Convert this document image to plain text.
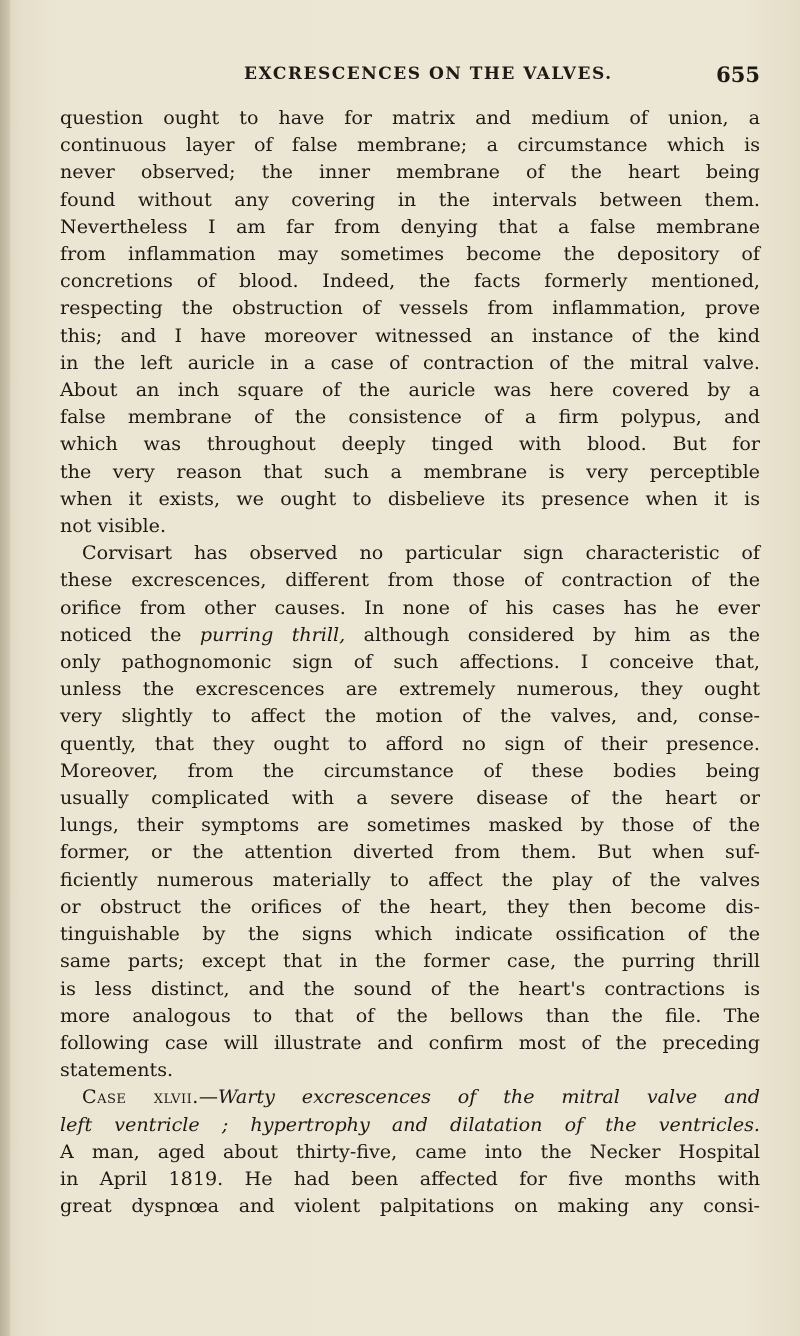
EXCRESCENCES ON THE VALVES.	655
question ought to have for matrix and medium of union, a
continuous layer of false membrane; a circumstance which is
never observed; the inner membrane of the heart being
found without any covering in the intervals between them.
Nevertheless I am far from denying that a false membrane
from inflammation may sometimes become the depository of
concretions of blood. Indeed, the facts formerly mentioned,
respecting the obstruction of vessels from inflammation, prove
this; and I have moreover witnessed an instance of the kind
in the left auricle in a case of contraction of the mitral valve.
About an inch square of the auricle was here covered by a
false membrane of the consistence of a firm polypus, and
which was throughout deeply tinged with blood. But for
the very reason that such a membrane is very perceptible
when it exists, we ought to disbelieve its presence when it is
not visible.
Corvisart has observed no particular sign characteristic of
these excrescences, different from those of contraction of the
orifice from other causes. In none of his cases has he ever
noticed the purring thrill, although considered by him as the
only pathognomonic sign of such affections. I conceive that,
unless the excrescences are extremely numerous, they ought
very slightly to affect the motion of the valves, and, conse-
quently, that they ought to afford no sign of their presence.
Moreover, from the circumstance of these bodies being
usually complicated with a severe disease of the heart or
lungs, their symptoms are sometimes masked by those of the
former, or the attention diverted from them. But when suf-
ficiently numerous materially to affect the play of the valves
or obstruct the orifices of the heart, they then become dis-
tinguishable by the signs which indicate ossification of the
same parts; except that in the former case, the purring thrill
is less distinct, and the sound of the heart's contractions is
more analogous to that of the bellows than the file. The
following case will illustrate and confirm most of the preceding
statements.
Case xlvii.—Warty excrescences of the mitral valve and
left ventricle ; hypertrophy and dilatation of the ventricles.
A man, aged about thirty-five, came into the Necker Hospital
in April 1819. He had been affected for five months with
great dyspnœa and violent palpitations on making any consi-
